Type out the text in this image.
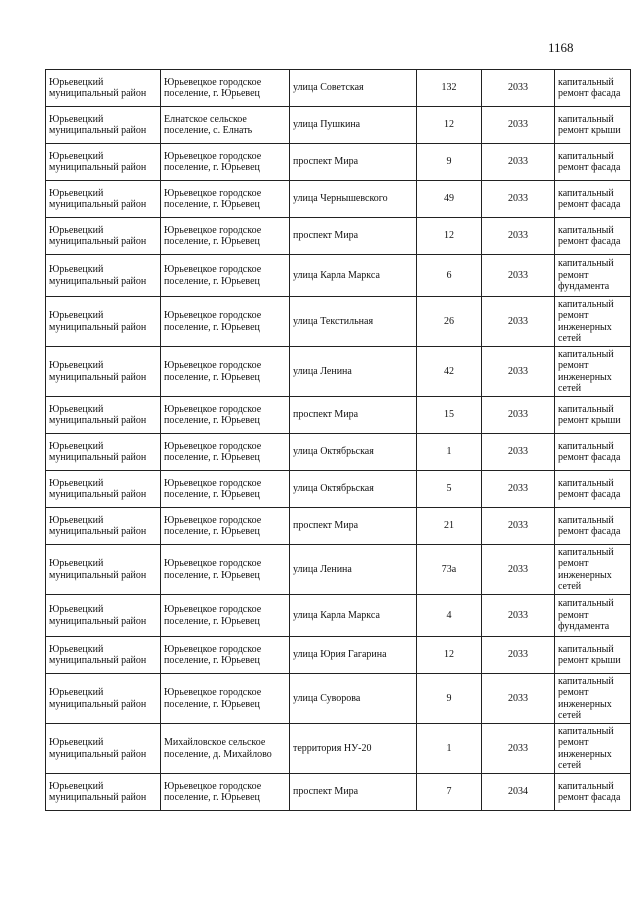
1168
Юрьевецкий муниципальный район	Юрьевецкое городское поселение, г. Юрьевец	улица Советская	132	2033	капитальный ремонт фасада
Юрьевецкий муниципальный район	Елнатское сельское поселение, с. Елнать	улица Пушкина	12	2033	капитальный ремонт крыши
Юрьевецкий муниципальный район	Юрьевецкое городское поселение, г. Юрьевец	проспект Мира	9	2033	капитальный ремонт фасада
Юрьевецкий муниципальный район	Юрьевецкое городское поселение, г. Юрьевец	улица Чернышевского	49	2033	капитальный ремонт фасада
Юрьевецкий муниципальный район	Юрьевецкое городское поселение, г. Юрьевец	проспект Мира	12	2033	капитальный ремонт фасада
Юрьевецкий муниципальный район	Юрьевецкое городское поселение, г. Юрьевец	улица Карла Маркса	6	2033	капитальный ремонт фундамента
Юрьевецкий муниципальный район	Юрьевецкое городское поселение, г. Юрьевец	улица Текстильная	26	2033	капитальный ремонт инженерных сетей
Юрьевецкий муниципальный район	Юрьевецкое городское поселение, г. Юрьевец	улица Ленина	42	2033	капитальный ремонт инженерных сетей
Юрьевецкий муниципальный район	Юрьевецкое городское поселение, г. Юрьевец	проспект Мира	15	2033	капитальный ремонт крыши
Юрьевецкий муниципальный район	Юрьевецкое городское поселение, г. Юрьевец	улица Октябрьская	1	2033	капитальный ремонт фасада
Юрьевецкий муниципальный район	Юрьевецкое городское поселение, г. Юрьевец	улица Октябрьская	5	2033	капитальный ремонт фасада
Юрьевецкий муниципальный район	Юрьевецкое городское поселение, г. Юрьевец	проспект Мира	21	2033	капитальный ремонт фасада
Юрьевецкий муниципальный район	Юрьевецкое городское поселение, г. Юрьевец	улица Ленина	73а	2033	капитальный ремонт инженерных сетей
Юрьевецкий муниципальный район	Юрьевецкое городское поселение, г. Юрьевец	улица Карла Маркса	4	2033	капитальный ремонт фундамента
Юрьевецкий муниципальный район	Юрьевецкое городское поселение, г. Юрьевец	улица Юрия Гагарина	12	2033	капитальный ремонт крыши
Юрьевецкий муниципальный район	Юрьевецкое городское поселение, г. Юрьевец	улица Суворова	9	2033	капитальный ремонт инженерных сетей
Юрьевецкий муниципальный район	Михайловское сельское поселение, д. Михайлово	территория НУ-20	1	2033	капитальный ремонт инженерных сетей
Юрьевецкий муниципальный район	Юрьевецкое городское поселение, г. Юрьевец	проспект Мира	7	2034	капитальный ремонт фасада
